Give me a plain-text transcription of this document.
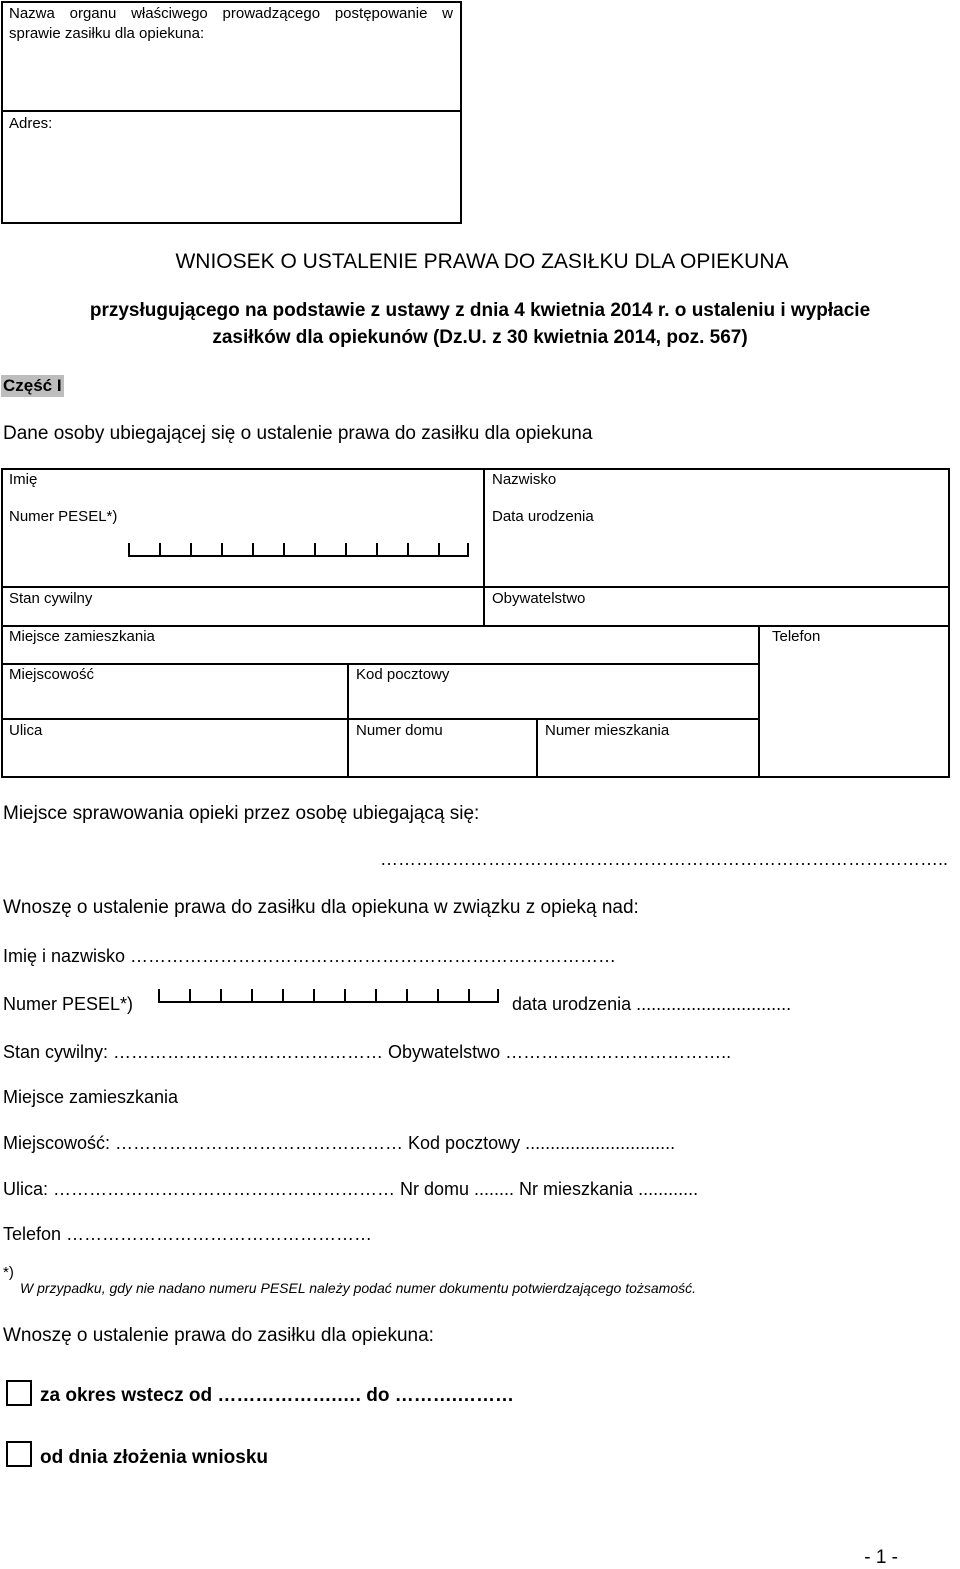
Nazwa organu właściwego prowadzącego postępowanie w sprawie zasiłku dla opiekuna:
Adres:
WNIOSEK O USTALENIE PRAWA DO ZASIŁKU DLA OPIEKUNA
przysługującego na podstawie z ustawy z dnia 4 kwietnia 2014 r. o ustaleniu i wypłacie
zasiłków dla opiekunów (Dz.U. z 30 kwietnia 2014, poz. 567)
Część I
Dane osoby ubiegającej się o ustalenie prawa do zasiłku dla opiekuna
Imię	Nazwisko
Numer PESEL*)	Data urodzenia
Stan cywilny	Obywatelstwo
Miejsce zamieszkania	Telefon
Miejscowość	Kod pocztowy
Ulica	Numer domu	Numer mieszkania
Miejsce sprawowania opieki przez osobę ubiegającą się:
…………………………………………………………………………………..
Wnoszę o ustalenie prawa do zasiłku dla opiekuna w związku z opieką nad:
Imię i nazwisko ………………………………………………………………………
Numer PESEL*)	data urodzenia ...............................
Stan cywilny: ……………………………………… Obywatelstwo ………………………………..
Miejsce zamieszkania
Miejscowość: ………………………………………… Kod pocztowy ..............................
Ulica: ………………………………………………… Nr domu ........ Nr mieszkania ............
Telefon ……………………………………………
*)
W przypadku, gdy nie nadano numeru PESEL należy podać numer dokumentu potwierdzającego tożsamość.
Wnoszę o ustalenie prawa do zasiłku dla opiekuna:
za okres wstecz od ……………….…. do ……….………
od dnia złożenia wniosku
- 1 -
